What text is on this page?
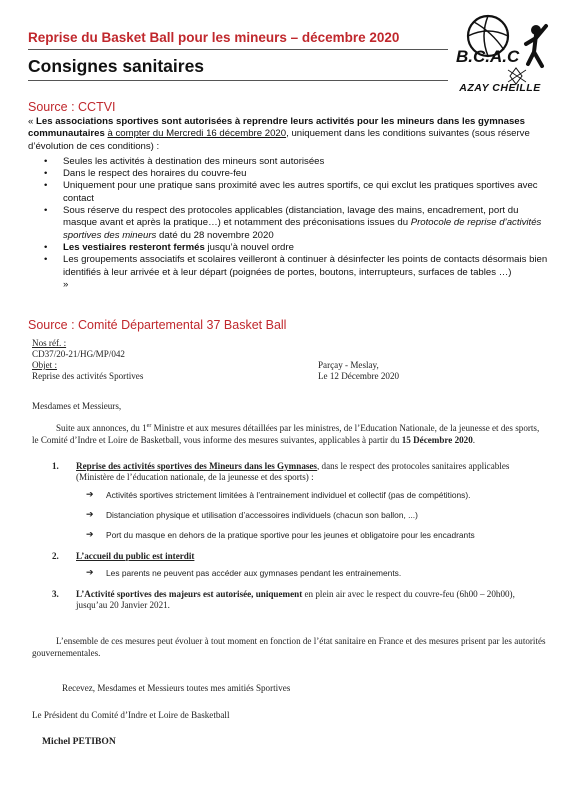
Reprise du Basket Ball pour les mineurs – décembre 2020
Consignes sanitaires	B.C.A.C
AZAY CHEILLE
Source : CCTVI
« Les associations sportives sont autorisées à reprendre leurs activités pour les mineurs dans les gymnases communautaires à compter du Mercredi 16 décembre 2020, uniquement dans les conditions suivantes (sous réserve d’évolution de ces conditions) :
• Seules les activités à destination des mineurs sont autorisées
• Dans le respect des horaires du couvre-feu
• Uniquement pour une pratique sans proximité avec les autres sportifs, ce qui exclut les pratiques sportives avec contact
• Sous réserve du respect des protocoles applicables (distanciation, lavage des mains, encadrement, port du masque avant et après la pratique…) et notamment des préconisations issues du Protocole de reprise d’activités sportives des mineurs daté du 28 novembre 2020
• Les vestiaires resteront fermés jusqu’à nouvel ordre
• Les groupements associatifs et scolaires veilleront à continuer à désinfecter les points de contacts désormais bien identifiés à leur arrivée et à leur départ (poignées de portes, boutons, interrupteurs, surfaces de tables …)
»
Source : Comité Départemental 37 Basket Ball
Nos réf. :
CD37/20-21/HG/MP/042
Objet :
Reprise des activités Sportives
Parçay - Meslay,
Le 12 Décembre 2020
Mesdames et Messieurs,
Suite aux annonces, du 1er Ministre et aux mesures détaillées par les ministres, de l’Education Nationale, de la jeunesse et des sports, le Comité d’Indre et Loire de Basketball, vous informe des mesures suivantes, applicables à partir du 15 Décembre 2020.
1. Reprise des activités sportives des Mineurs dans les Gymnases, dans le respect des protocoles sanitaires applicables (Ministère de l’éducation nationale, de la jeunesse et des sports) :
➔ Activités sportives strictement limitées à l’entrainement individuel et collectif (pas de compétitions).
➔ Distanciation physique et utilisation d’accessoires individuels (chacun son ballon, ...)
➔ Port du masque en dehors de la pratique sportive pour les jeunes et obligatoire pour les encadrants
2. L’accueil du public est interdit
➔ Les parents ne peuvent pas accéder aux gymnases pendant les entrainements.
3. L’Activité sportives des majeurs est autorisée, uniquement en plein air avec le respect du couvre-feu (6h00 – 20h00), jusqu’au 20 Janvier 2021.
L’ensemble de ces mesures peut évoluer à tout moment en fonction de l’état sanitaire en France et des mesures prisent par les autorités gouvernementales.
Recevez, Mesdames et Messieurs toutes mes amitiés Sportives
Le Président du Comité d’Indre et Loire de Basketball
Michel PETIBON
